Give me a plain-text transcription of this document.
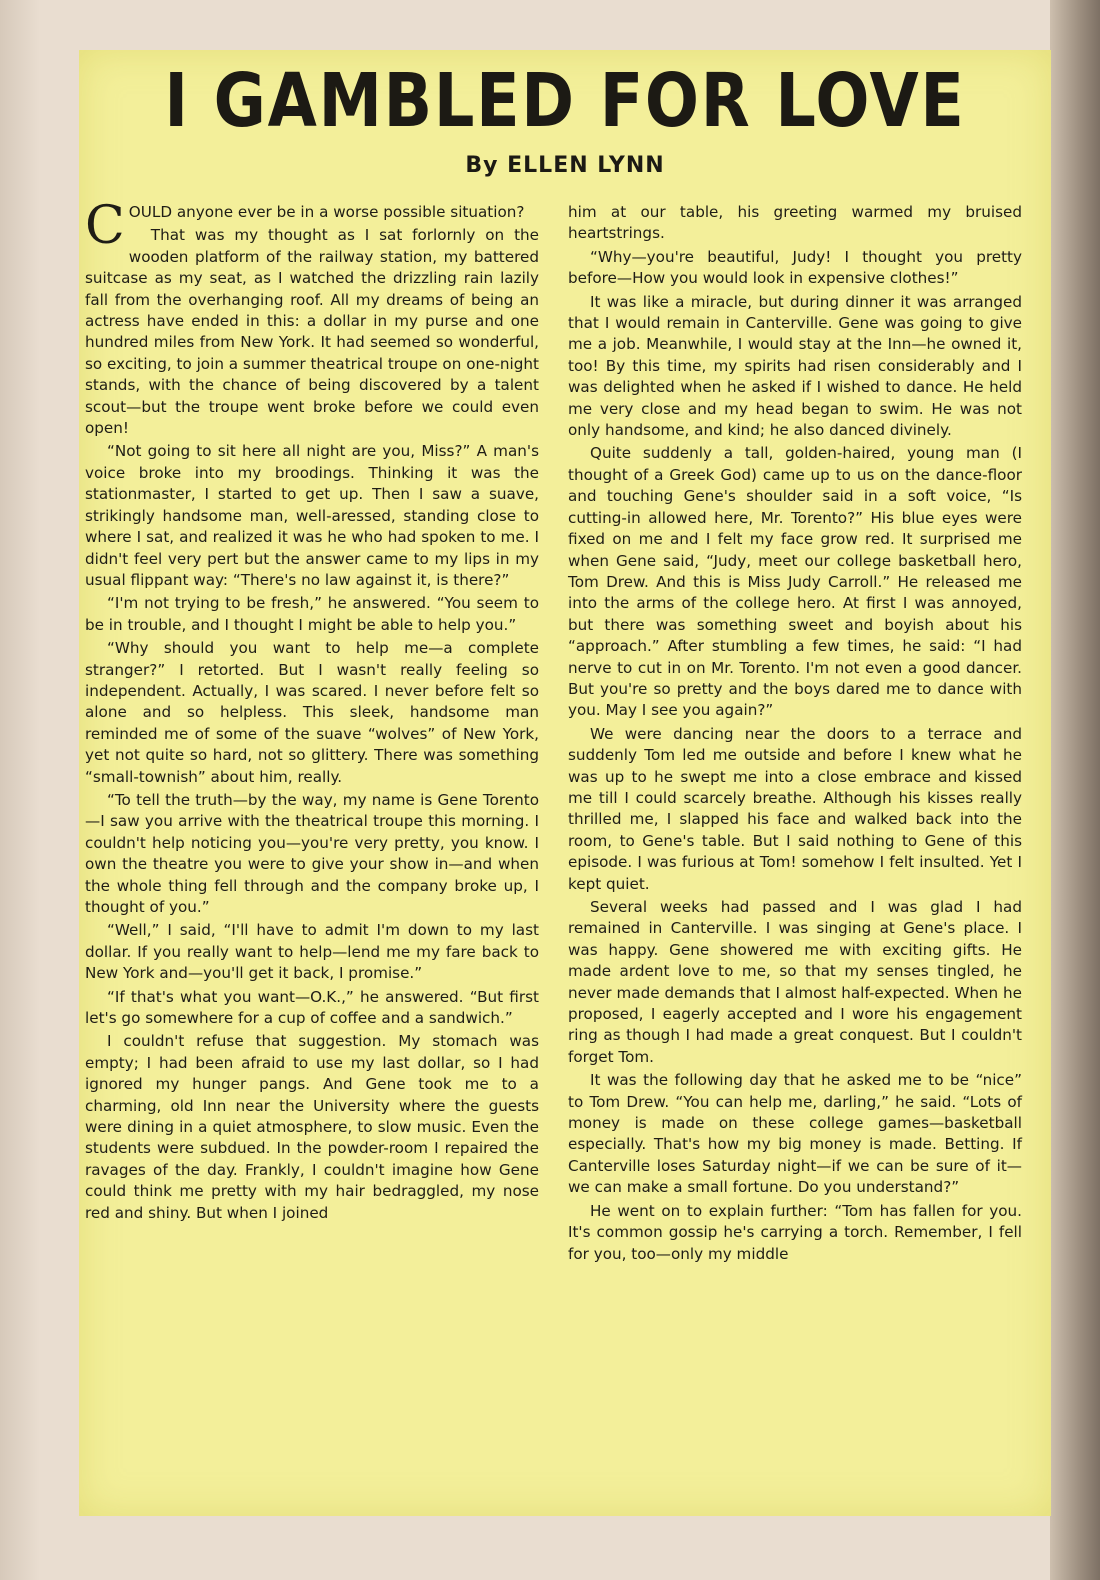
I GAMBLED FOR LOVE
By ELLEN LYNN

COULD anyone ever be in a worse possible situation?

That was my thought as I sat forlornly on the wooden platform of the railway station, my battered suitcase as my seat, as I watched the drizzling rain lazily fall from the overhanging roof. All my dreams of being an actress have ended in this: a dollar in my purse and one hundred miles from New York. It had seemed so wonderful, so exciting, to join a summer theatrical troupe on one-night stands, with the chance of being discovered by a talent scout—but the troupe went broke before we could even open!

“Not going to sit here all night are you, Miss?” A man's voice broke into my broodings. Thinking it was the stationmaster, I started to get up. Then I saw a suave, strikingly handsome man, well-aressed, standing close to where I sat, and realized it was he who had spoken to me. I didn't feel very pert but the answer came to my lips in my usual flippant way: “There's no law against it, is there?”

“I'm not trying to be fresh,” he answered. “You seem to be in trouble, and I thought I might be able to help you.”

“Why should you want to help me—a complete stranger?” I retorted. But I wasn't really feeling so independent. Actually, I was scared. I never before felt so alone and so helpless. This sleek, handsome man reminded me of some of the suave “wolves” of New York, yet not quite so hard, not so glittery. There was something “small-townish” about him, really.

“To tell the truth—by the way, my name is Gene Torento—I saw you arrive with the theatrical troupe this morning. I couldn't help noticing you—you're very pretty, you know. I own the theatre you were to give your show in—and when the whole thing fell through and the company broke up, I thought of you.”

“Well,” I said, “I'll have to admit I'm down to my last dollar. If you really want to help—lend me my fare back to New York and—you'll get it back, I promise.”

“If that's what you want—O.K.,” he answered. “But first let's go somewhere for a cup of coffee and a sandwich.”

I couldn't refuse that suggestion. My stomach was empty; I had been afraid to use my last dollar, so I had ignored my hunger pangs. And Gene took me to a charming, old Inn near the University where the guests were dining in a quiet atmosphere, to slow music. Even the students were subdued. In the powder-room I repaired the ravages of the day. Frankly, I couldn't imagine how Gene could think me pretty with my hair bedraggled, my nose red and shiny. But when I joined

him at our table, his greeting warmed my bruised heartstrings.

“Why—you're beautiful, Judy! I thought you pretty before—How you would look in expensive clothes!”

It was like a miracle, but during dinner it was arranged that I would remain in Canterville. Gene was going to give me a job. Meanwhile, I would stay at the Inn—he owned it, too! By this time, my spirits had risen considerably and I was delighted when he asked if I wished to dance. He held me very close and my head began to swim. He was not only handsome, and kind; he also danced divinely.

Quite suddenly a tall, golden-haired, young man (I thought of a Greek God) came up to us on the dance-floor and touching Gene's shoulder said in a soft voice, “Is cutting-in allowed here, Mr. Torento?” His blue eyes were fixed on me and I felt my face grow red. It surprised me when Gene said, “Judy, meet our college basketball hero, Tom Drew. And this is Miss Judy Carroll.” He released me into the arms of the college hero. At first I was annoyed, but there was something sweet and boyish about his “approach.” After stumbling a few times, he said: “I had nerve to cut in on Mr. Torento. I'm not even a good dancer. But you're so pretty and the boys dared me to dance with you. May I see you again?”

We were dancing near the doors to a terrace and suddenly Tom led me outside and before I knew what he was up to he swept me into a close embrace and kissed me till I could scarcely breathe. Although his kisses really thrilled me, I slapped his face and walked back into the room, to Gene's table. But I said nothing to Gene of this episode. I was furious at Tom! somehow I felt insulted. Yet I kept quiet.

Several weeks had passed and I was glad I had remained in Canterville. I was singing at Gene's place. I was happy. Gene showered me with exciting gifts. He made ardent love to me, so that my senses tingled, he never made demands that I almost half-expected. When he proposed, I eagerly accepted and I wore his engagement ring as though I had made a great conquest. But I couldn't forget Tom.

It was the following day that he asked me to be “nice” to Tom Drew. “You can help me, darling,” he said. “Lots of money is made on these college games—basketball especially. That's how my big money is made. Betting. If Canterville loses Saturday night—if we can be sure of it—we can make a small fortune. Do you understand?”

He went on to explain further: “Tom has fallen for you. It's common gossip he's carrying a torch. Remember, I fell for you, too—only my middle
